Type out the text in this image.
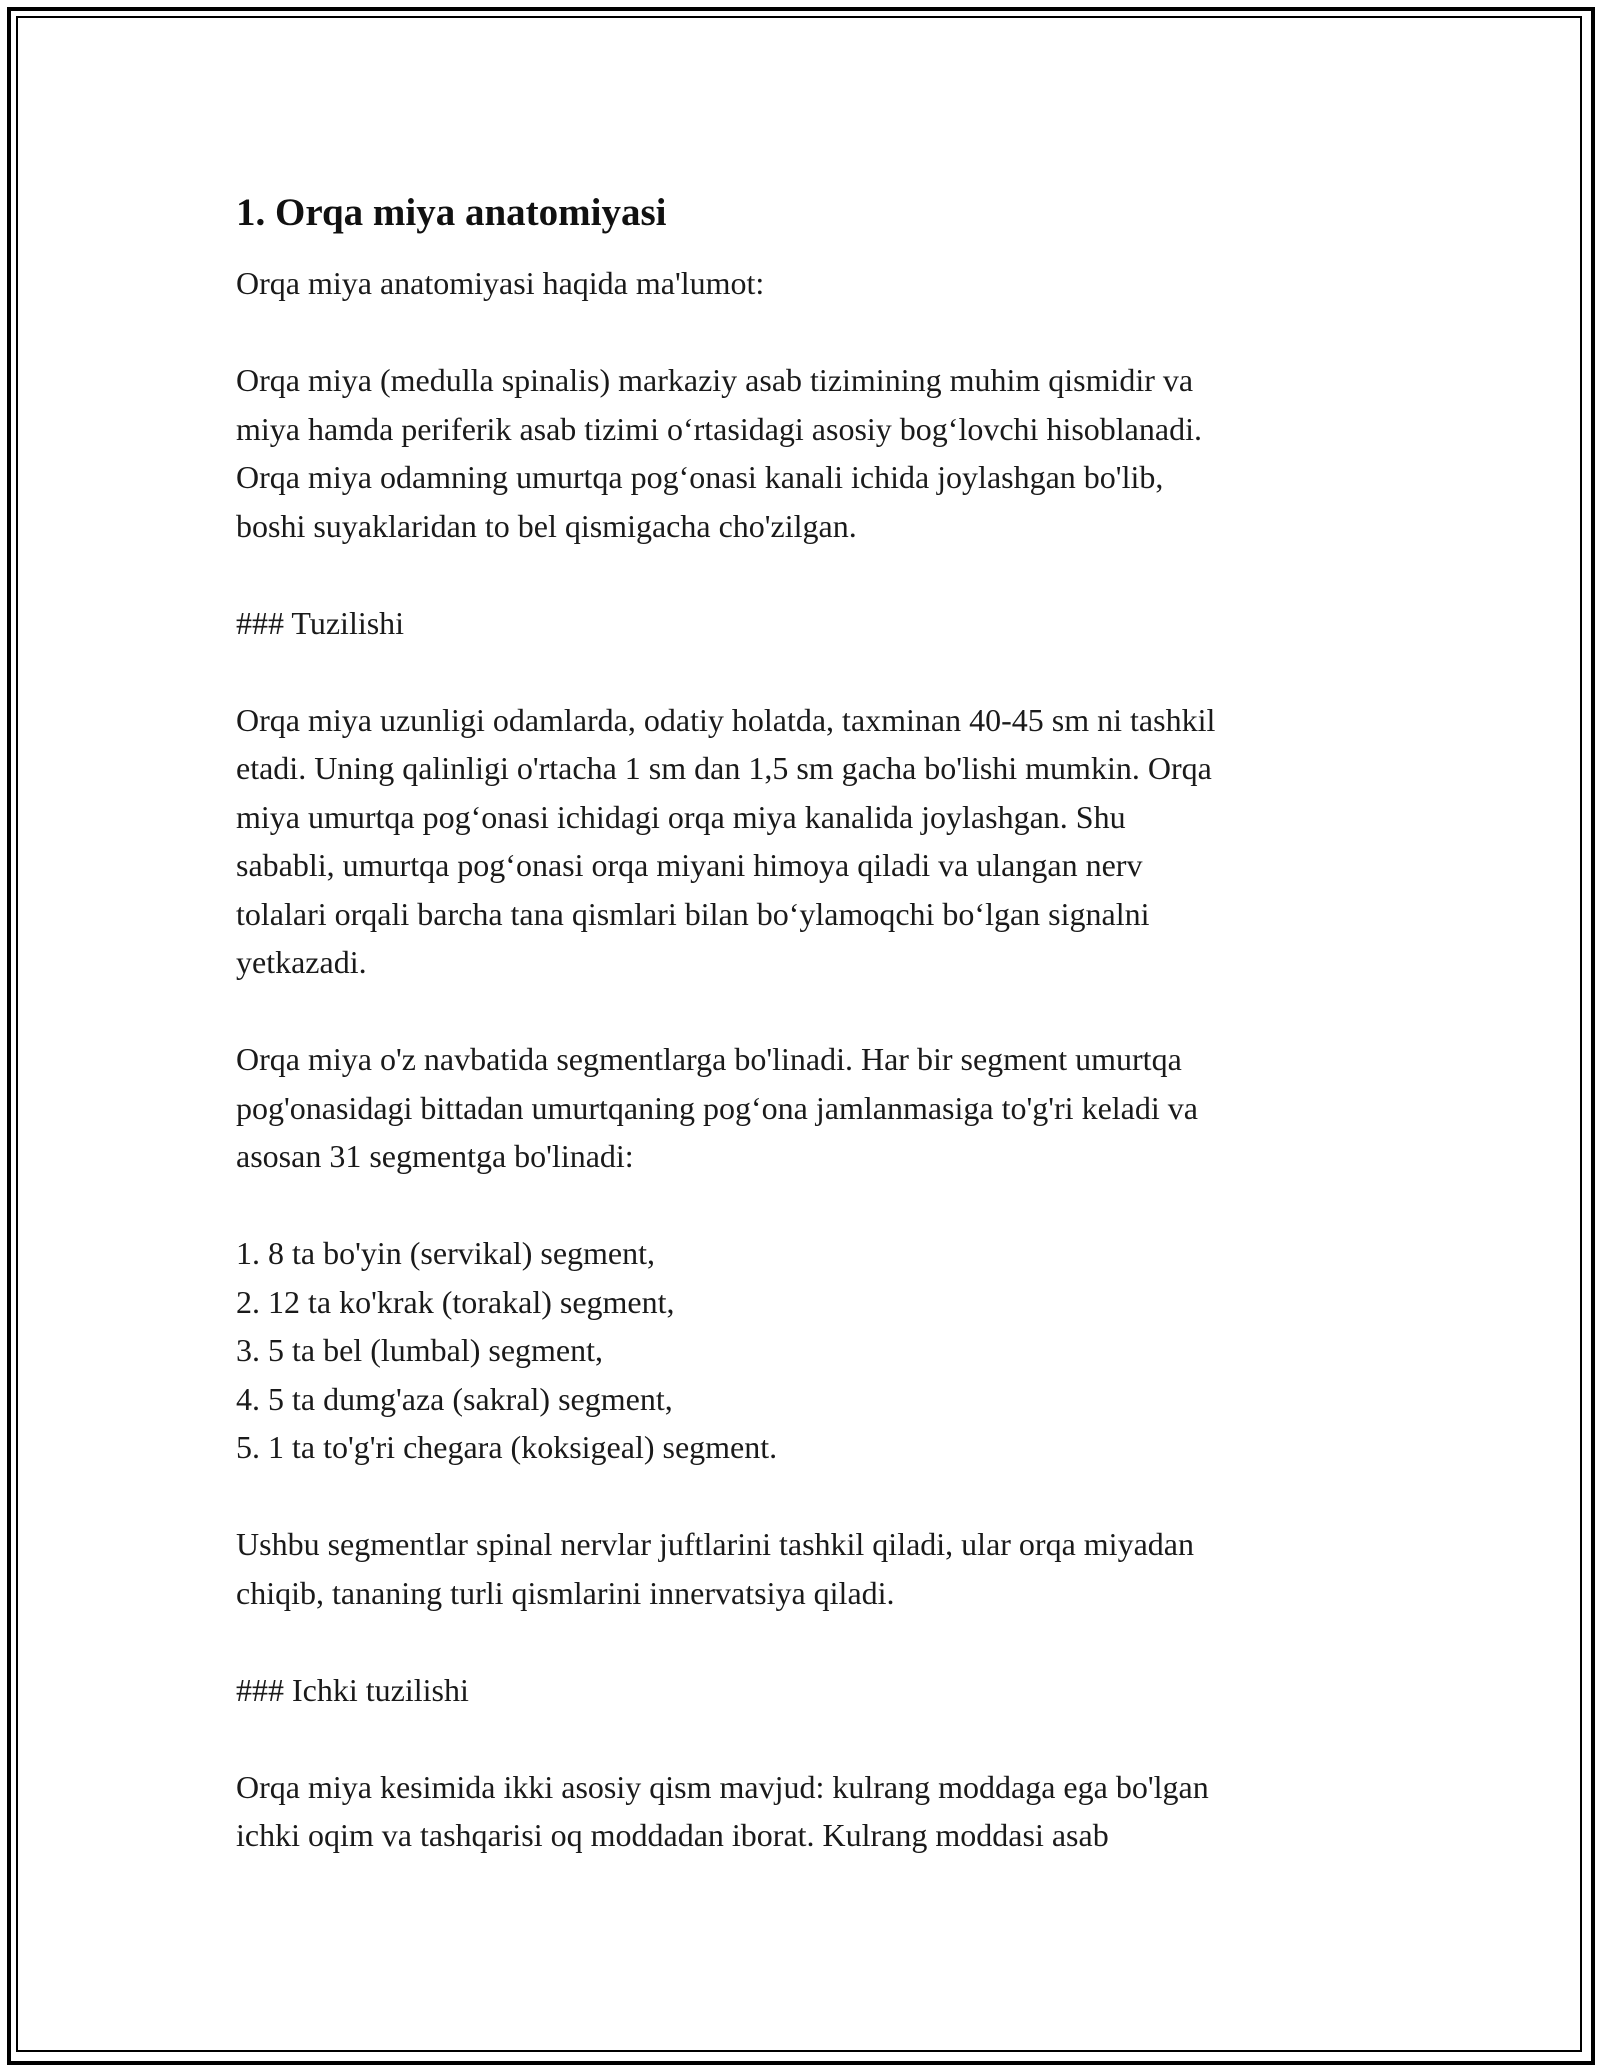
1. Orqa miya anatomiyasi

Orqa miya anatomiyasi haqida ma'lumot:

Orqa miya (medulla spinalis) markaziy asab tizimining muhim qismidir va
miya hamda periferik asab tizimi o‘rtasidagi asosiy bog‘lovchi hisoblanadi.
Orqa miya odamning umurtqa pog‘onasi kanali ichida joylashgan bo'lib,
boshi suyaklaridan to bel qismigacha cho'zilgan.

### Tuzilishi

Orqa miya uzunligi odamlarda, odatiy holatda, taxminan 40-45 sm ni tashkil
etadi. Uning qalinligi o'rtacha 1 sm dan 1,5 sm gacha bo'lishi mumkin. Orqa
miya umurtqa pog‘onasi ichidagi orqa miya kanalida joylashgan. Shu
sababli, umurtqa pog‘onasi orqa miyani himoya qiladi va ulangan nerv
tolalari orqali barcha tana qismlari bilan bo‘ylamoqchi bo‘lgan signalni
yetkazadi.

Orqa miya o'z navbatida segmentlarga bo'linadi. Har bir segment umurtqa
pog'onasidagi bittadan umurtqaning pog‘ona jamlanmasiga to'g'ri keladi va
asosan 31 segmentga bo'linadi:

1. 8 ta bo'yin (servikal) segment,
2. 12 ta ko'krak (torakal) segment,
3. 5 ta bel (lumbal) segment,
4. 5 ta dumg'aza (sakral) segment,
5. 1 ta to'g'ri chegara (koksigeal) segment.

Ushbu segmentlar spinal nervlar juftlarini tashkil qiladi, ular orqa miyadan
chiqib, tananing turli qismlarini innervatsiya qiladi.

### Ichki tuzilishi

Orqa miya kesimida ikki asosiy qism mavjud: kulrang moddaga ega bo'lgan
ichki oqim va tashqarisi oq moddadan iborat. Kulrang moddasi asab
